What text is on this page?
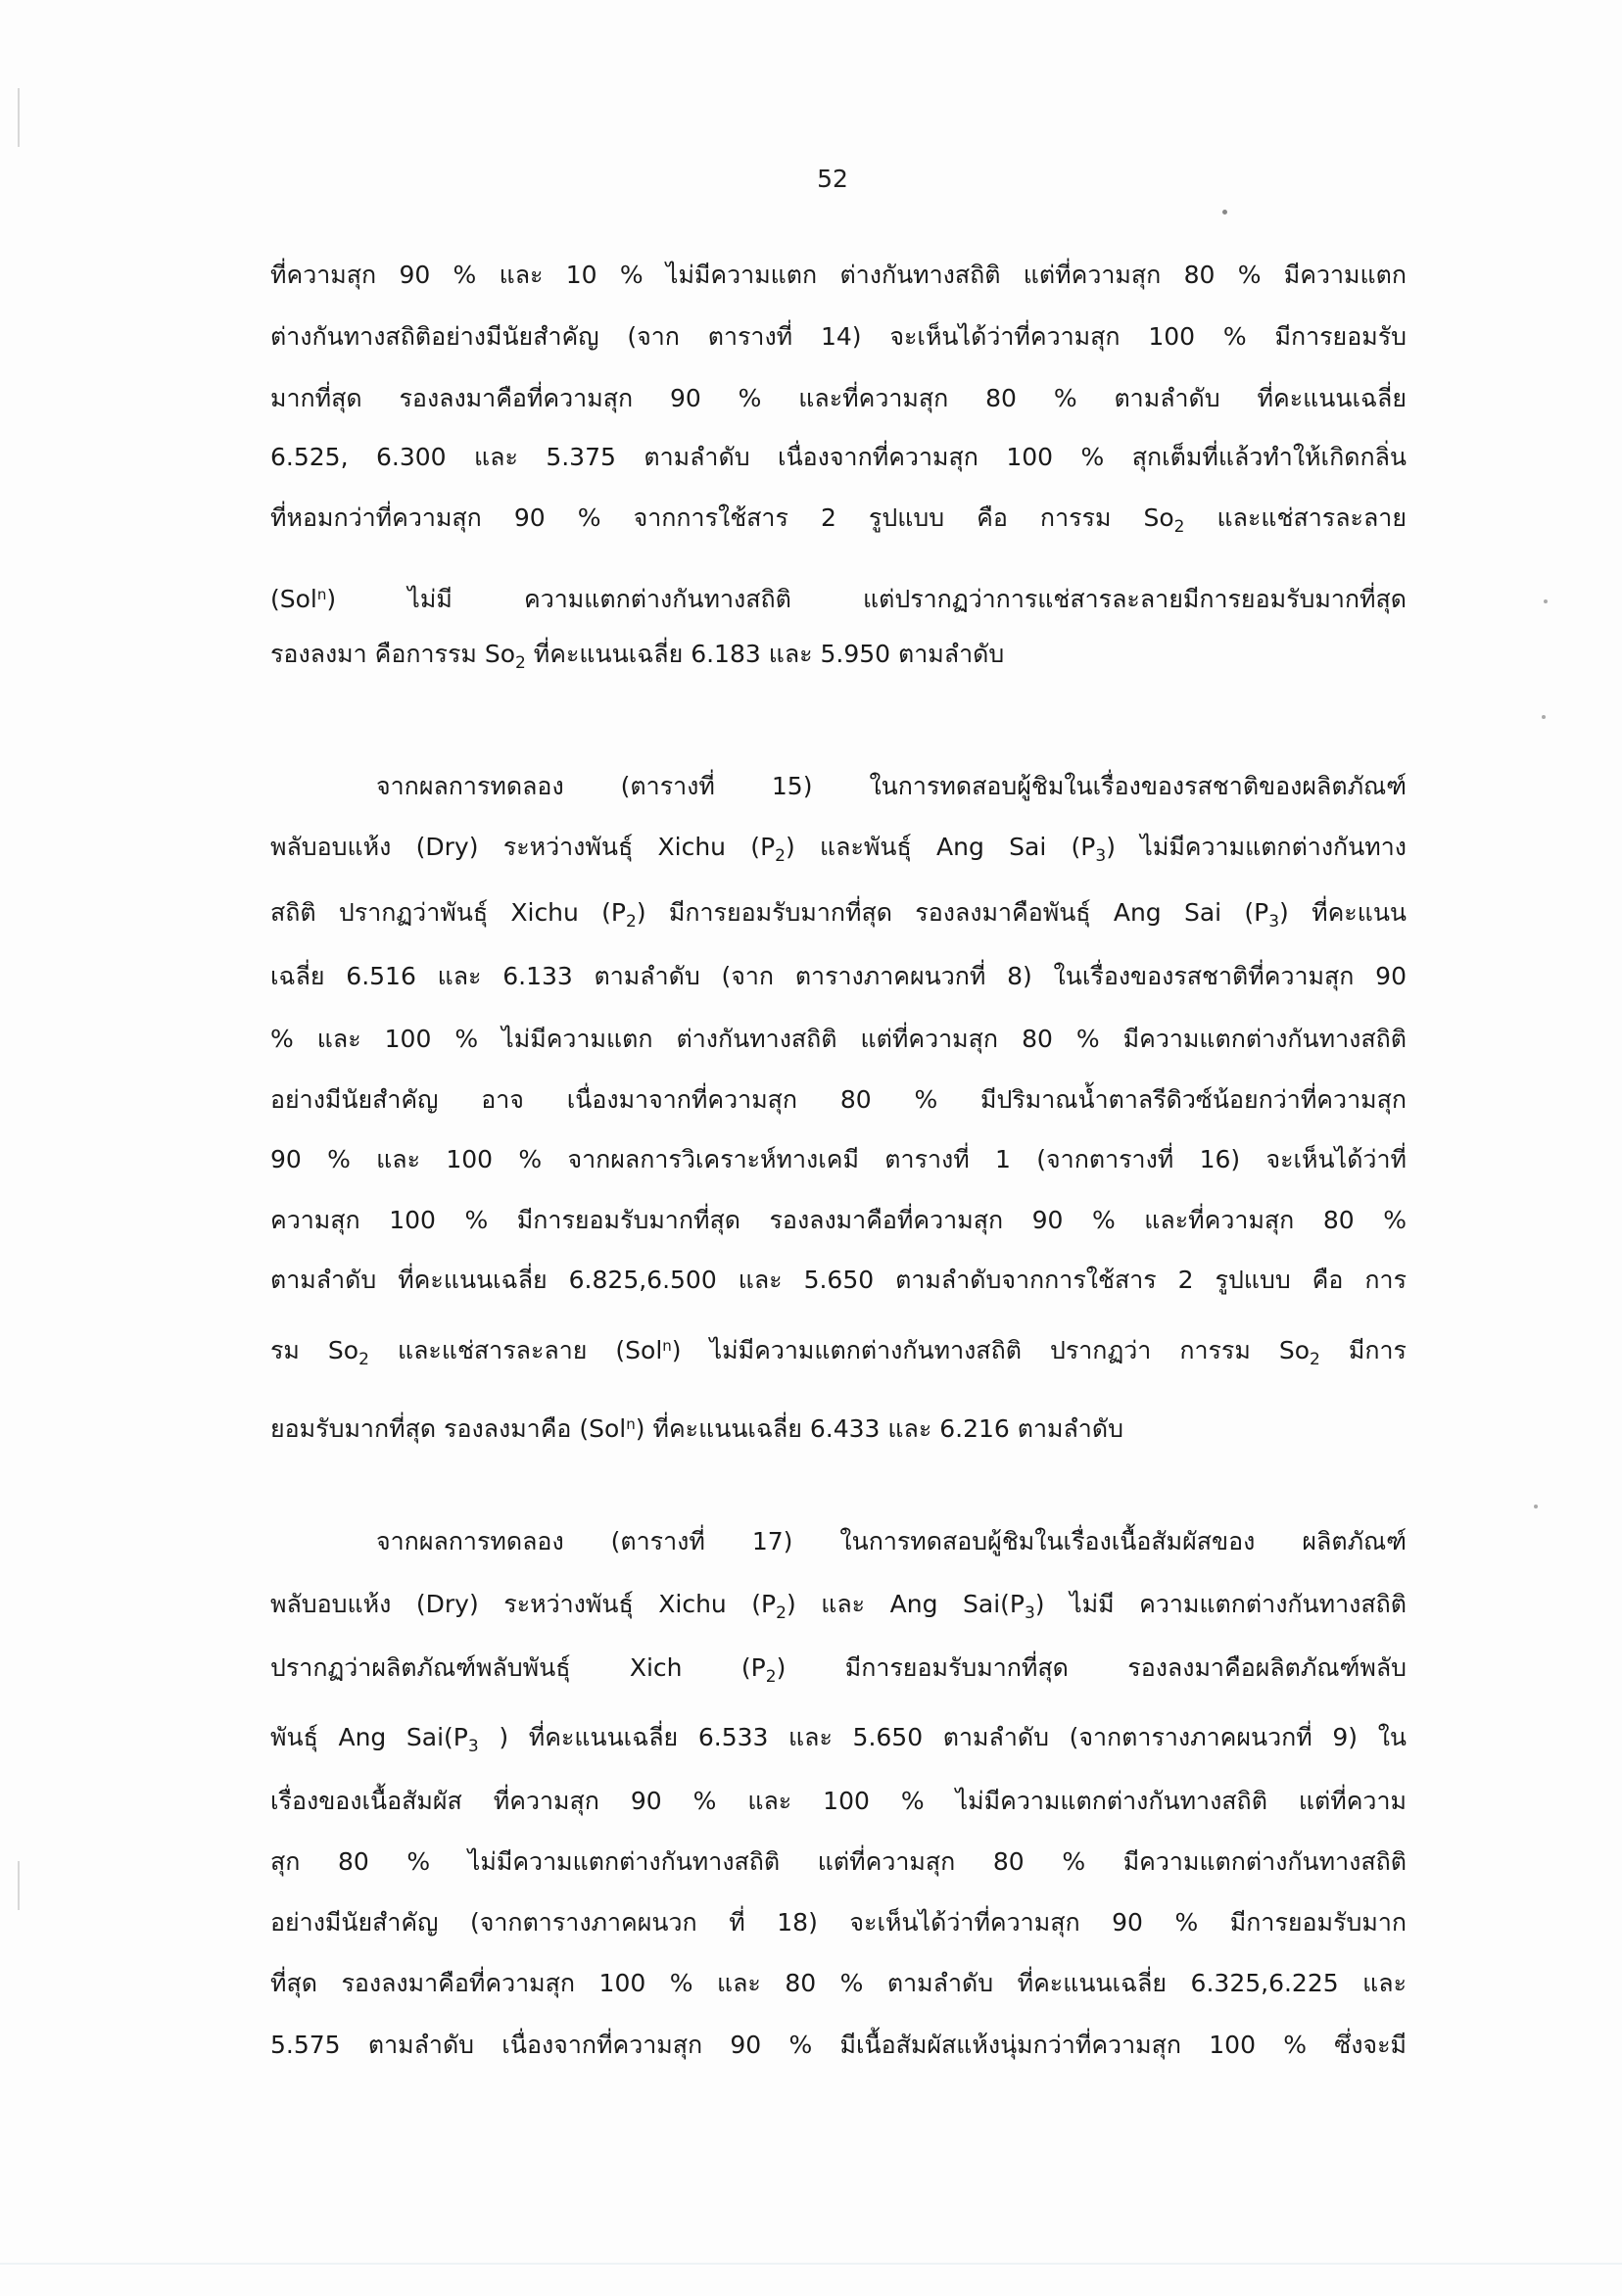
52
ที่ความสุก 90 % และ 10 % ไม่มีความแตก ต่างกันทางสถิติ แต่ที่ความสุก 80 % มีความแตก
ต่างกันทางสถิติอย่างมีนัยสำคัญ (จาก ตารางที่ 14) จะเห็นได้ว่าที่ความสุก 100 % มีการยอมรับ
มากที่สุด รองลงมาคือที่ความสุก 90 % และที่ความสุก 80 % ตามลำดับ ที่คะแนนเฉลี่ย
6.525, 6.300 และ 5.375 ตามลำดับ เนื่องจากที่ความสุก 100 % สุกเต็มที่แล้วทำให้เกิดกลิ่น
ที่หอมกว่าที่ความสุก 90 % จากการใช้สาร 2 รูปแบบ คือ การรม $So_2$ และแช่สารละลาย
(Sol$^n$) ไม่มี ความแตกต่างกันทางสถิติ แต่ปรากฏว่าการแช่สารละลายมีการยอมรับมากที่สุด
รองลงมา คือการรม $So_2$ ที่คะแนนเฉลี่ย 6.183 และ 5.950 ตามลำดับ
จากผลการทดลอง (ตารางที่ 15) ในการทดสอบผู้ชิมในเรื่องของรสชาติของผลิตภัณฑ์
พลับอบแห้ง (Dry) ระหว่างพันธุ์ Xichu $(P_2)$ และพันธุ์ Ang Sai $(P_3)$ ไม่มีความแตกต่างกันทาง
สถิติ ปรากฏว่าพันธุ์ Xichu $(P_2)$ มีการยอมรับมากที่สุด รองลงมาคือพันธุ์ Ang Sai $(P_3)$ ที่คะแนน
เฉลี่ย 6.516 และ 6.133 ตามลำดับ (จาก ตารางภาคผนวกที่ 8) ในเรื่องของรสชาติที่ความสุก 90
% และ 100 % ไม่มีความแตก ต่างกันทางสถิติ แต่ที่ความสุก 80 % มีความแตกต่างกันทางสถิติ
อย่างมีนัยสำคัญ อาจ เนื่องมาจากที่ความสุก 80 % มีปริมาณน้ำตาลรีดิวซ์น้อยกว่าที่ความสุก
90 % และ 100 % จากผลการวิเคราะห์ทางเคมี ตารางที่ 1 (จากตารางที่ 16) จะเห็นได้ว่าที่
ความสุก 100 % มีการยอมรับมากที่สุด รองลงมาคือที่ความสุก 90 % และที่ความสุก 80 %
ตามลำดับ ที่คะแนนเฉลี่ย 6.825,6.500 และ 5.650 ตามลำดับจากการใช้สาร 2 รูปแบบ คือ การ
รม $So_2$ และแช่สารละลาย (Sol$^n$) ไม่มีความแตกต่างกันทางสถิติ ปรากฏว่า การรม $So_2$ มีการ
ยอมรับมากที่สุด รองลงมาคือ (Sol$^n$) ที่คะแนนเฉลี่ย 6.433 และ 6.216 ตามลำดับ
จากผลการทดลอง (ตารางที่ 17) ในการทดสอบผู้ชิมในเรื่องเนื้อสัมผัสของ ผลิตภัณฑ์
พลับอบแห้ง (Dry) ระหว่างพันธุ์ Xichu $(P_2)$ และ Ang $Sai(P_3)$ ไม่มี ความแตกต่างกันทางสถิติ
ปรากฏว่าผลิตภัณฑ์พลับพันธุ์ Xich $(P_2)$ มีการยอมรับมากที่สุด รองลงมาคือผลิตภัณฑ์พลับ
พันธุ์ Ang $Sai(P_3$ ) ที่คะแนนเฉลี่ย 6.533 และ 5.650 ตามลำดับ (จากตารางภาคผนวกที่ 9) ใน
เรื่องของเนื้อสัมผัส ที่ความสุก 90 % และ 100 % ไม่มีความแตกต่างกันทางสถิติ แต่ที่ความ
สุก 80 % ไม่มีความแตกต่างกันทางสถิติ แต่ที่ความสุก 80 % มีความแตกต่างกันทางสถิติ
อย่างมีนัยสำคัญ (จากตารางภาคผนวก ที่ 18) จะเห็นได้ว่าที่ความสุก 90 % มีการยอมรับมาก
ที่สุด รองลงมาคือที่ความสุก 100 % และ 80 % ตามลำดับ ที่คะแนนเฉลี่ย 6.325,6.225 และ
5.575 ตามลำดับ เนื่องจากที่ความสุก 90 % มีเนื้อสัมผัสแห้งนุ่มกว่าที่ความสุก 100 % ซึ่งจะมี
